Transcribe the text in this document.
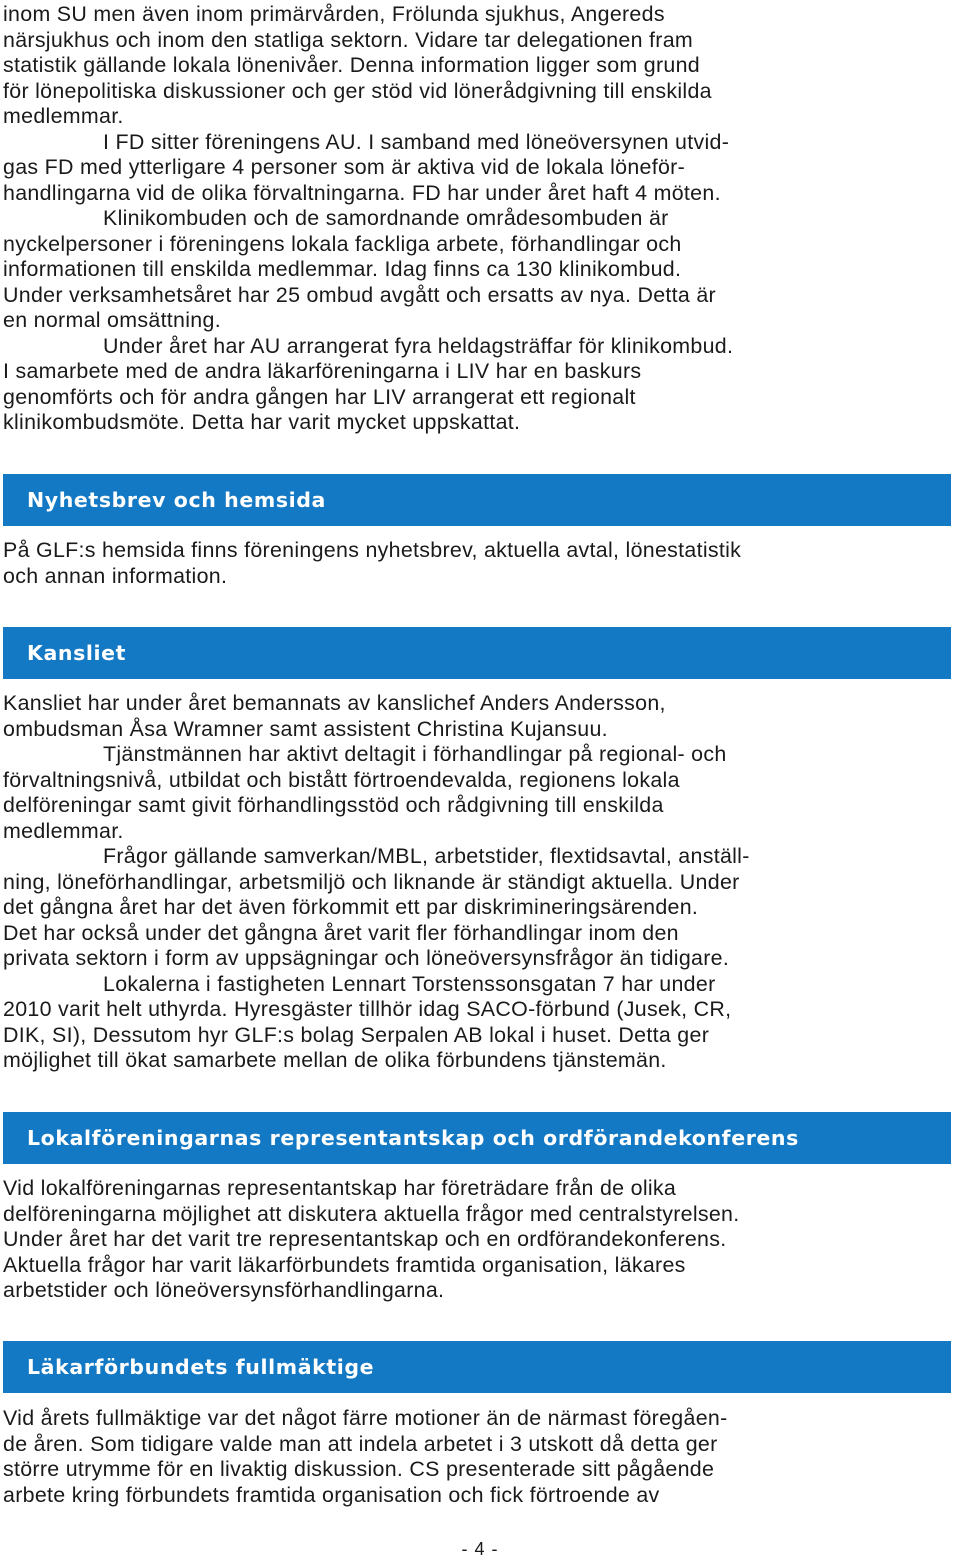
inom SU men även inom primärvården, Frölunda sjukhus, Angereds
närsjukhus och inom den statliga sektorn. Vidare tar delegationen fram
statistik gällande lokala lönenivåer. Denna information ligger som grund
för lönepolitiska diskussioner och ger stöd vid lönerådgivning till enskilda
medlemmar.
I FD sitter föreningens AU. I samband med löneöversynen utvid-
gas FD med ytterligare 4 personer som är aktiva vid de lokala löneför-
handlingarna vid de olika förvaltningarna. FD har under året haft 4 möten.
Klinikombuden och de samordnande områdesombuden är
nyckelpersoner i föreningens lokala fackliga arbete, förhandlingar och
informationen till enskilda medlemmar. Idag finns ca 130 klinikombud.
Under verksamhetsåret har 25 ombud avgått och ersatts av nya. Detta är
en normal omsättning.
Under året har AU arrangerat fyra heldagsträffar för klinikombud.
I samarbete med de andra läkarföreningarna i LIV har en baskurs
genomförts och för andra gången har LIV arrangerat ett regionalt
klinikombudsmöte. Detta har varit mycket uppskattat.
Nyhetsbrev och hemsida
På GLF:s hemsida finns föreningens nyhetsbrev, aktuella avtal, lönestatistik
och annan information.
Kansliet
Kansliet har under året bemannats av kanslichef Anders Andersson,
ombudsman Åsa Wramner samt assistent Christina Kujansuu.
Tjänstmännen har aktivt deltagit i förhandlingar på regional- och
förvaltningsnivå, utbildat och bistått förtroendevalda, regionens lokala
delföreningar samt givit förhandlingsstöd och rådgivning till enskilda
medlemmar.
Frågor gällande samverkan/MBL, arbetstider, flextidsavtal, anställ-
ning, löneförhandlingar, arbetsmiljö och liknande är ständigt aktuella. Under
det gångna året har det även förkommit ett par diskrimineringsärenden.
Det har också under det gångna året varit fler förhandlingar inom den
privata sektorn i form av uppsägningar och löneöversynsfrågor än tidigare.
Lokalerna i fastigheten Lennart Torstenssonsgatan 7 har under
2010 varit helt uthyrda. Hyresgäster tillhör idag SACO-förbund (Jusek, CR,
DIK, SI), Dessutom hyr GLF:s bolag Serpalen AB lokal i huset. Detta ger
möjlighet till ökat samarbete mellan de olika förbundens tjänstemän.
Lokalföreningarnas representantskap och ordförandekonferens
Vid lokalföreningarnas representantskap har företrädare från de olika
delföreningarna möjlighet att diskutera aktuella frågor med centralstyrelsen.
Under året har det varit tre representantskap och en ordförandekonferens.
Aktuella frågor har varit läkarförbundets framtida organisation, läkares
arbetstider och löneöversynsförhandlingarna.
Läkarförbundets fullmäktige
Vid årets fullmäktige var det något färre motioner än de närmast föregåen-
de åren. Som tidigare valde man att indela arbetet i 3 utskott då detta ger
större utrymme för en livaktig diskussion. CS presenterade sitt pågående
arbete kring förbundets framtida organisation och fick förtroende av
- 4 -
